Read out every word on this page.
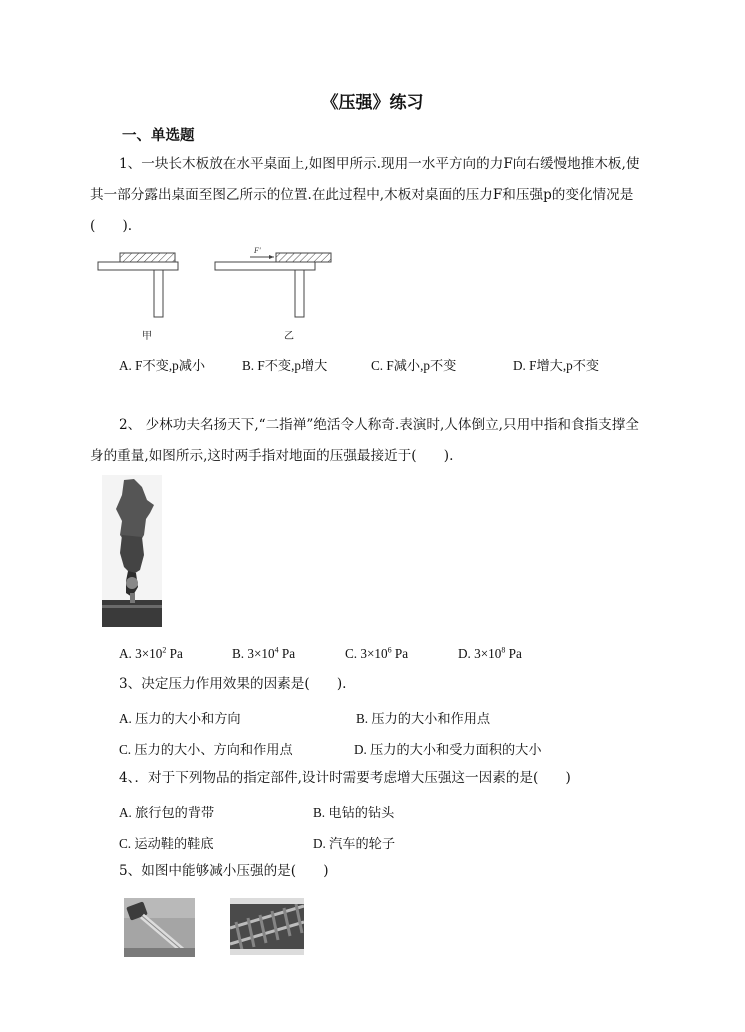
《压强》练习
一、单选题
1、一块长木板放在水平桌面上,如图甲所示.现用一水平方向的力F向右缓慢地推木板,使
其一部分露出桌面至图乙所示的位置.在此过程中,木板对桌面的压力F和压强p的变化情况是
(　　).
F'
甲	乙
A. F不变,p减小	B. F不变,p增大	C. F减小,p不变	D. F增大,p不变
2、 少林功夫名扬天下,“二指禅”绝活令人称奇.表演时,人体倒立,只用中指和食指支撑全
身的重量,如图所示,这时两手指对地面的压强最接近于(　　).
A. $3\times 10^2$ Pa	B. $3\times 10^4$ Pa	C. $3\times 10^6$ Pa	D. $3\times 10^8$ Pa
3、决定压力作用效果的因素是(　　).
A. 压力的大小和方向	B. 压力的大小和作用点
C. 压力的大小、方向和作用点	D. 压力的大小和受力面积的大小
4、．对于下列物品的指定部件,设计时需要考虑增大压强这一因素的是(　　)
A. 旅行包的背带	B. 电钻的钻头
C. 运动鞋的鞋底	D. 汽车的轮子
5、如图中能够减小压强的是(　　)
